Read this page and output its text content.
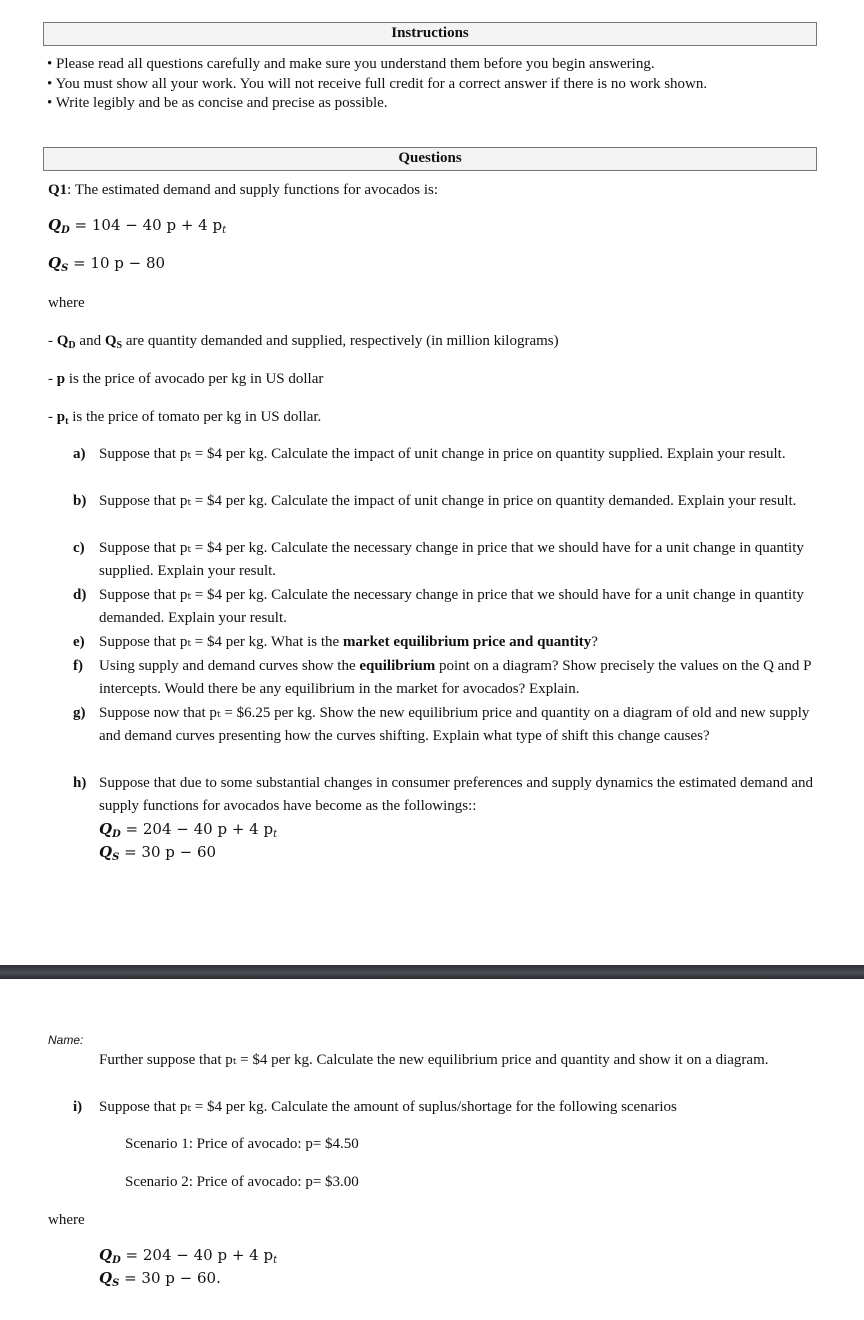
Instructions
• Please read all questions carefully and make sure you understand them before you begin answering.
• You must show all your work. You will not receive full credit for a correct answer if there is no work shown.
• Write legibly and be as concise and precise as possible.
Questions
Q1: The estimated demand and supply functions for avocados is:
$Q_D = 104 - 40$ p + 4 $p_t$
$Q_S = 10$ p − 80
where
- $Q_D$ and $Q_S$ are quantity demanded and supplied, respectively (in million kilograms)
- p is the price of avocado per kg in US dollar
- $p_t$ is the price of tomato per kg in US dollar.
a) Suppose that pₜ = $4 per kg. Calculate the impact of unit change in price on quantity supplied. Explain your result.
b) Suppose that pₜ = $4 per kg. Calculate the impact of unit change in price on quantity demanded. Explain your result.
c) Suppose that pₜ = $4 per kg. Calculate the necessary change in price that we should have for a unit change in quantity supplied. Explain your result.
d) Suppose that pₜ = $4 per kg. Calculate the necessary change in price that we should have for a unit change in quantity demanded. Explain your result.
e) Suppose that pₜ = $4 per kg. What is the market equilibrium price and quantity?
f) Using supply and demand curves show the equilibrium point on a diagram? Show precisely the values on the Q and P intercepts. Would there be any equilibrium in the market for avocados? Explain.
g) Suppose now that pₜ = $6.25 per kg. Show the new equilibrium price and quantity on a diagram of old and new supply and demand curves presenting how the curves shifting. Explain what type of shift this change causes?
h) Suppose that due to some substantial changes in consumer preferences and supply dynamics the estimated demand and supply functions for avocados have become as the followings::
$Q_D = 204 - 40$ p + 4 $p_t$
$Q_S = 30$ p − 60
Name:
Further suppose that pₜ = $4 per kg. Calculate the new equilibrium price and quantity and show it on a diagram.
i) Suppose that pₜ = $4 per kg. Calculate the amount of suplus/shortage for the following scenarios
Scenario 1: Price of avocado: p= $4.50
Scenario 2: Price of avocado: p= $3.00
where
$Q_D = 204 - 40$ p + 4 $p_t$
$Q_S = 30$ p − 60.
